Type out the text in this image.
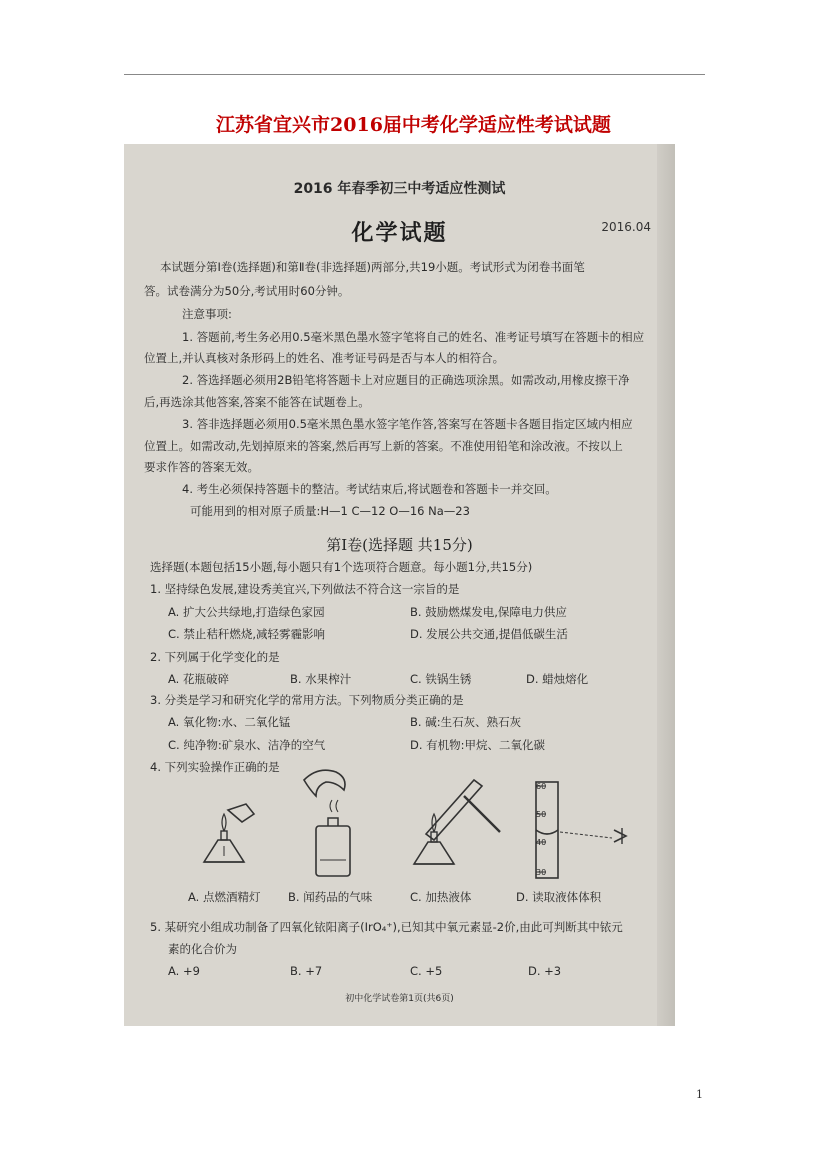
江苏省宜兴市2016届中考化学适应性考试试题
2016 年春季初三中考适应性测试
2016.04
化学试题
本试题分第Ⅰ卷(选择题)和第Ⅱ卷(非选择题)两部分,共19小题。考试形式为闭卷书面笔
答。试卷满分为50分,考试用时60分钟。
注意事项:
1. 答题前,考生务必用0.5毫米黑色墨水签字笔将自己的姓名、准考证号填写在答题卡的相应
位置上,并认真核对条形码上的姓名、准考证号码是否与本人的相符合。
2. 答选择题必须用2B铅笔将答题卡上对应题目的正确选项涂黑。如需改动,用橡皮擦干净
后,再选涂其他答案,答案不能答在试题卷上。
3. 答非选择题必须用0.5毫米黑色墨水签字笔作答,答案写在答题卡各题目指定区域内相应
位置上。如需改动,先划掉原来的答案,然后再写上新的答案。不准使用铅笔和涂改液。不按以上
要求作答的答案无效。
4. 考生必须保持答题卡的整洁。考试结束后,将试题卷和答题卡一并交回。
可能用到的相对原子质量:H—1 C—12 O—16 Na—23
第Ⅰ卷(选择题 共15分)
选择题(本题包括15小题,每小题只有1个选项符合题意。每小题1分,共15分)
1. 坚持绿色发展,建设秀美宜兴,下列做法不符合这一宗旨的是
A. 扩大公共绿地,打造绿色家园	B. 鼓励燃煤发电,保障电力供应
C. 禁止秸秆燃烧,减轻雾霾影响	D. 发展公共交通,提倡低碳生活
2. 下列属于化学变化的是
A. 花瓶破碎	B. 水果榨汁	C. 铁锅生锈	D. 蜡烛熔化
3. 分类是学习和研究化学的常用方法。下列物质分类正确的是
A. 氧化物:水、二氧化锰	B. 碱:生石灰、熟石灰
C. 纯净物:矿泉水、洁净的空气	D. 有机物:甲烷、二氧化碳
4. 下列实验操作正确的是
60
50
40
30
A. 点燃酒精灯 B. 闻药品的气味	C. 加热液体	D. 读取液体体积
5. 某研究小组成功制备了四氧化铱阳离子(IrO₄⁺),已知其中氧元素显-2价,由此可判断其中铱元
素的化合价为
A. +9	B. +7	C. +5	D. +3
初中化学试卷第1页(共6页)
1
